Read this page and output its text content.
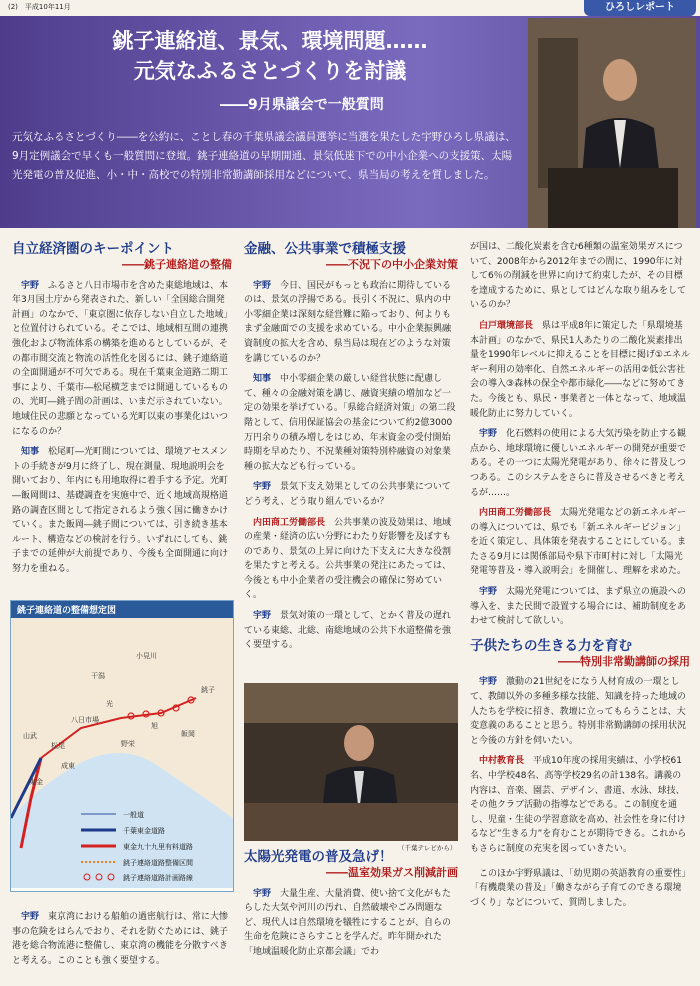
(2)　平成10年11月	ひろしレポート
銚子連絡道、景気、環境問題……
元気なふるさとづくりを討議
――9月県議会で一般質問
元気なふるさとづくり――を公約に、ことし春の千葉県議会議員選挙に当選を果たした宇野ひろし県議は、9月定例議会で早くも一般質問に登壇。銚子連絡道の早期開通、景気低迷下での中小企業への支援策、太陽光発電の普及促進、小・中・高校での特別非常勤講師採用などについて、県当局の考えを質しました。
自立経済圏のキーポイント

――銚子連絡道の整備

宇野　 ふるさと八日市場市を含めた東総地域は、本年3月国土庁から発表された、新しい「全国総合開発計画」のなかで、「東京圏に依存しない自立した地域」と位置付けられている。そこでは、地域相互間の連携強化および物流体系の構築を進めるとしているが、その都市間交流と物流の活性化を図るには、銚子連絡道の全面開通が不可欠である。現在千葉東金道路二期工事により、千葉市―松尾横芝までは開通しているものの、光町―銚子間の計画は、いまだ示されていない。地域住民の悲願となっている光町以東の事業化はいつになるのか？

知事　 松尾町―光町間については、環境アセスメントの手続きが9月に終了し、現在測量、現地説明会を開いており、年内にも用地取得に着手する予定。光町―飯岡間は、基礎調査を実施中で、近く地域高規格道路の調査区間として指定されるよう強く国に働きかけていく。また飯岡―銚子間については、引き続き基本ルート、構造などの検討を行う。いずれにしても、銚子までの延伸が大前提であり、今後も全面開通に向け努力を重ねる。

銚子連絡道の整備想定図
八日市場
銚子
旭
飯岡
成東
東金
松尾
光
山武
野栄
小見川
干潟
一般道
千葉東金道路
東金九十九里有料道路
銚子連絡道路整備区間
銚子連絡道路計画路線

宇野　 東京湾における船舶の過密航行は、常に大惨事の危険をはらんでおり、それを防ぐためには、銚子港を総合物流港に整備し、東京湾の機能を分散すべきと考える。このことも強く要望する。

金融、公共事業で積極支援

――不況下の中小企業対策

宇野　 今日、国民がもっとも政治に期待しているのは、景気の浮揚である。長引く不況に、県内の中小零細企業は深刻な経営難に陥っており、何よりもまず金融面での支援を求めている。中小企業振興融資制度の拡大を含め、県当局は現在どのような対策を講じているのか？

知事　 中小零細企業の厳しい経営状態に配慮して、種々の金融対策を講じ、融資実績の増加など一定の効果を挙げている。「県総合経済対策」の第二段階として、信用保証協会の基金について約2億3000万円余りの積み増しをはじめ、年末資金の受付開始時期を早めたり、不況業種対策特別枠融資の対象業種の拡大なども行っている。

宇野　 景気下支え効果としての公共事業についてどう考え、どう取り組んでいるか？

内田商工労働部長　 公共事業の波及効果は、地域の産業・経済の広い分野にわたり好影響を及ぼすものであり、景気の上昇に向けた下支えに大きな役割を果たすと考える。公共事業の発注にあたっては、今後とも中小企業者の受注機会の確保に努めていく。

宇野　 景気対策の一環として、とかく普及の遅れている東総、北総、南総地域の公共下水道整備を強く要望する。

（千葉テレビから）
太陽光発電の普及急げ！

――温室効果ガス削減計画

宇野　 大量生産、大量消費、使い捨て文化がもたらした大気や河川の汚れ、自然破壊やごみ問題など、現代人は自然環境を犠牲にすることが、自らの生命を危険にさらすことを学んだ。昨年開かれた「地域温暖化防止京都会議」でわ

が国は、二酸化炭素を含む6種類の温室効果ガスについて、2008年から2012年までの間に、1990年に対して6％の削減を世界に向けて約束したが、その目標を達成するために、県としてはどんな取り組みをしているのか？

白戸環境部長　 県は平成8年に策定した「県環境基本計画」のなかで、県民1人あたりの二酸化炭素排出量を1990年レベルに抑えることを目標に掲げ①エネルギー利用の効率化、自然エネルギーの活用②低公害社会の導入③森林の保全や都市緑化――などに努めてきた。今後とも、県民・事業者と一体となって、地域温暖化防止に努力していく。

宇野　 化石燃料の使用による大気汚染を防止する観点から、地球環境に優しいエネルギーの開発が重要である。その一つに太陽光発電があり、徐々に普及しつつある。このシステムをさらに普及させるべきと考えるが……。

内田商工労働部長　 太陽光発電などの新エネルギーの導入については、県でも「新エネルギービジョン」を近く策定し、具体策を発表することにしている。またさる9月には関係部局や県下市町村に対し「太陽光発電等普及・導入説明会」を開催し、理解を求めた。

宇野　 太陽光発電については、まず県立の施設への導入を、また民間で設置する場合には、補助制度をあわせて検討して欲しい。

子供たちの生きる力を育む

――特別非常勤講師の採用

宇野　 激動の21世紀をになう人材育成の一環として、教師以外の多種多様な技能、知識を持った地域の人たちを学校に招き、教壇に立ってもらうことは、大変意義のあることと思う。特別非常勤講師の採用状況と今後の方針を伺いたい。

中村教育長　 平成10年度の採用実績は、小学校61名、中学校48名、高等学校29名の計138名。講義の内容は、音楽、園芸、デザイン、書道、水泳、球技、その他クラブ活動の指導などである。この制度を通し、児童・生徒の学習意欲を高め、社会性を身に付けるなど“生きる力”を育むことが期待できる。これからもさらに制度の充実を図っていきたい。

このほか宇野県議は、「幼児期の英語教育の重要性」「有機農業の普及」「働きながら子育てのできる環境づくり」などについて、質問しました。
